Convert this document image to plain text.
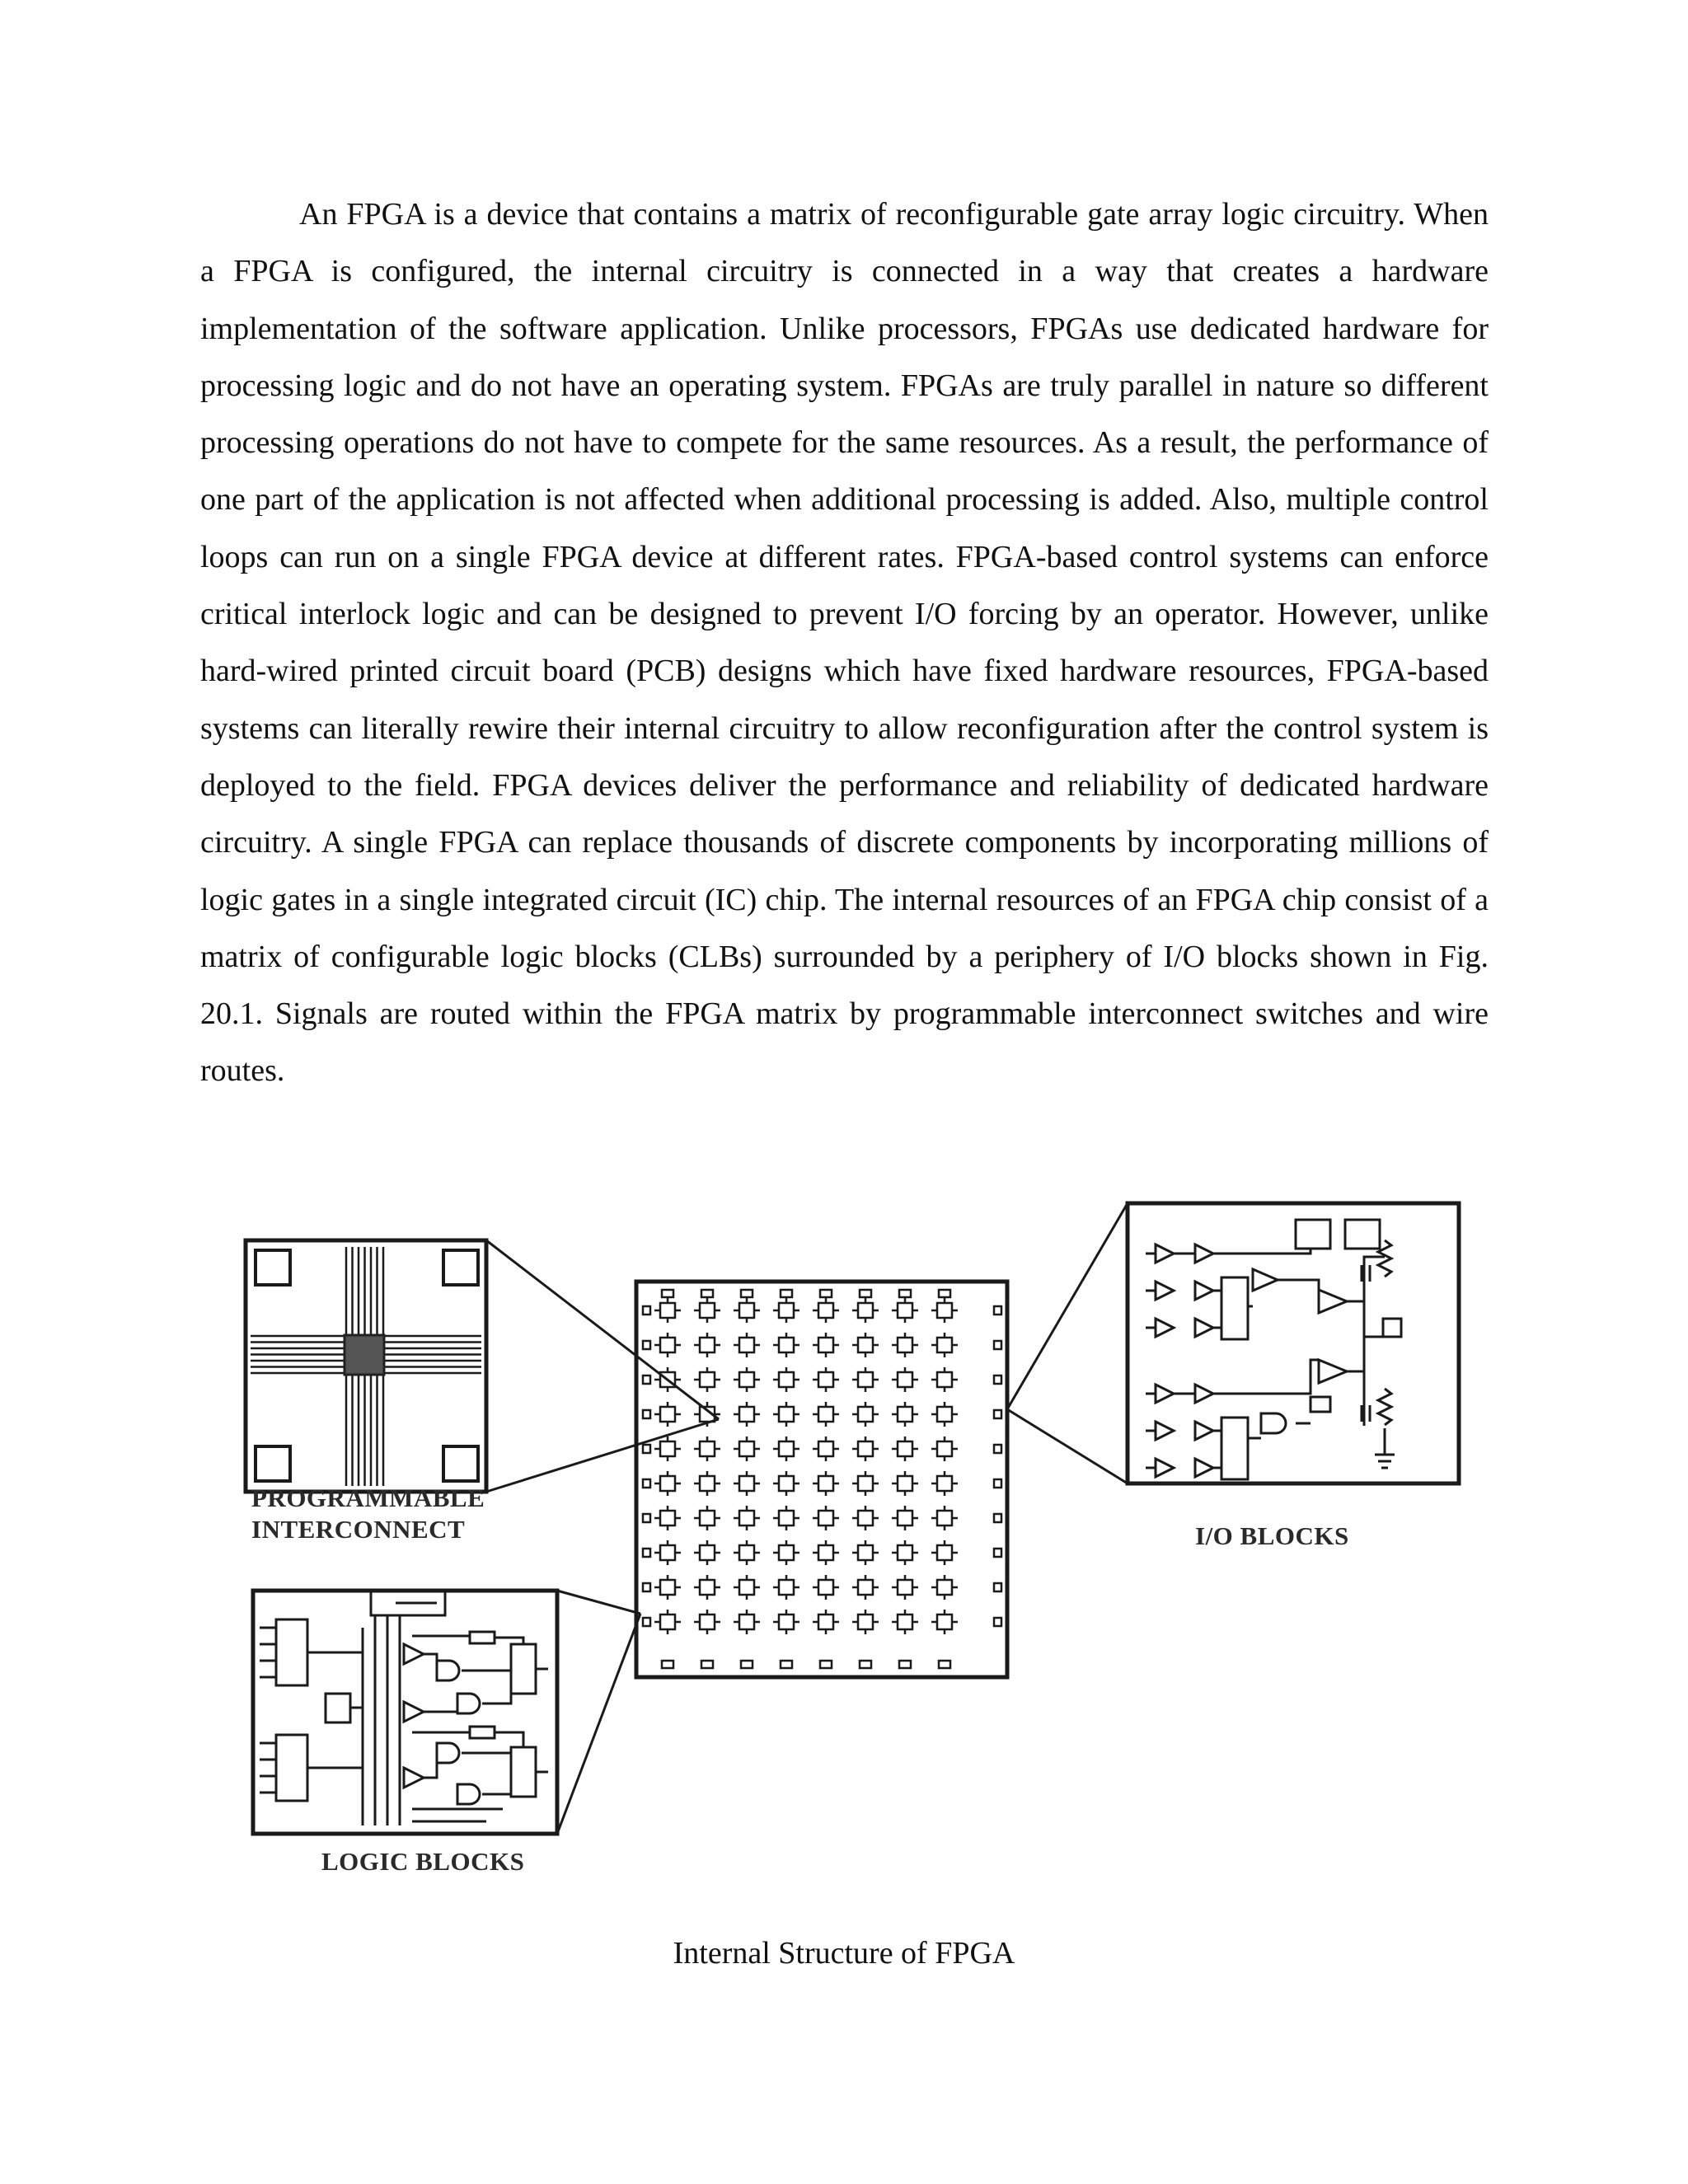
An FPGA is a device that contains a matrix of reconfigurable gate array logic circuitry. When a FPGA is configured, the internal circuitry is connected in a way that creates a hardware implementation of the software application. Unlike processors, FPGAs use dedicated hardware for processing logic and do not have an operating system. FPGAs are truly parallel in nature so different processing operations do not have to compete for the same resources. As a result, the performance of one part of the application is not affected when additional processing is added. Also, multiple control loops can run on a single FPGA device at different rates. FPGA-based control systems can enforce critical interlock logic and can be designed to prevent I/O forcing by an operator. However, unlike hard-wired printed circuit board (PCB) designs which have fixed hardware resources, FPGA-based systems can literally rewire their internal circuitry to allow reconfiguration after the control system is deployed to the field. FPGA devices deliver the performance and reliability of dedicated hardware circuitry. A single FPGA can replace thousands of discrete components by incorporating millions of logic gates in a single integrated circuit (IC) chip. The internal resources of an FPGA chip consist of a matrix of configurable logic blocks (CLBs) surrounded by a periphery of I/O blocks shown in Fig. 20.1. Signals are routed within the FPGA matrix by programmable interconnect switches and wire routes.

PROGRAMMABLE
INTERCONNECT	I/O BLOCKS
LOGIC BLOCKS
Internal Structure of FPGA
